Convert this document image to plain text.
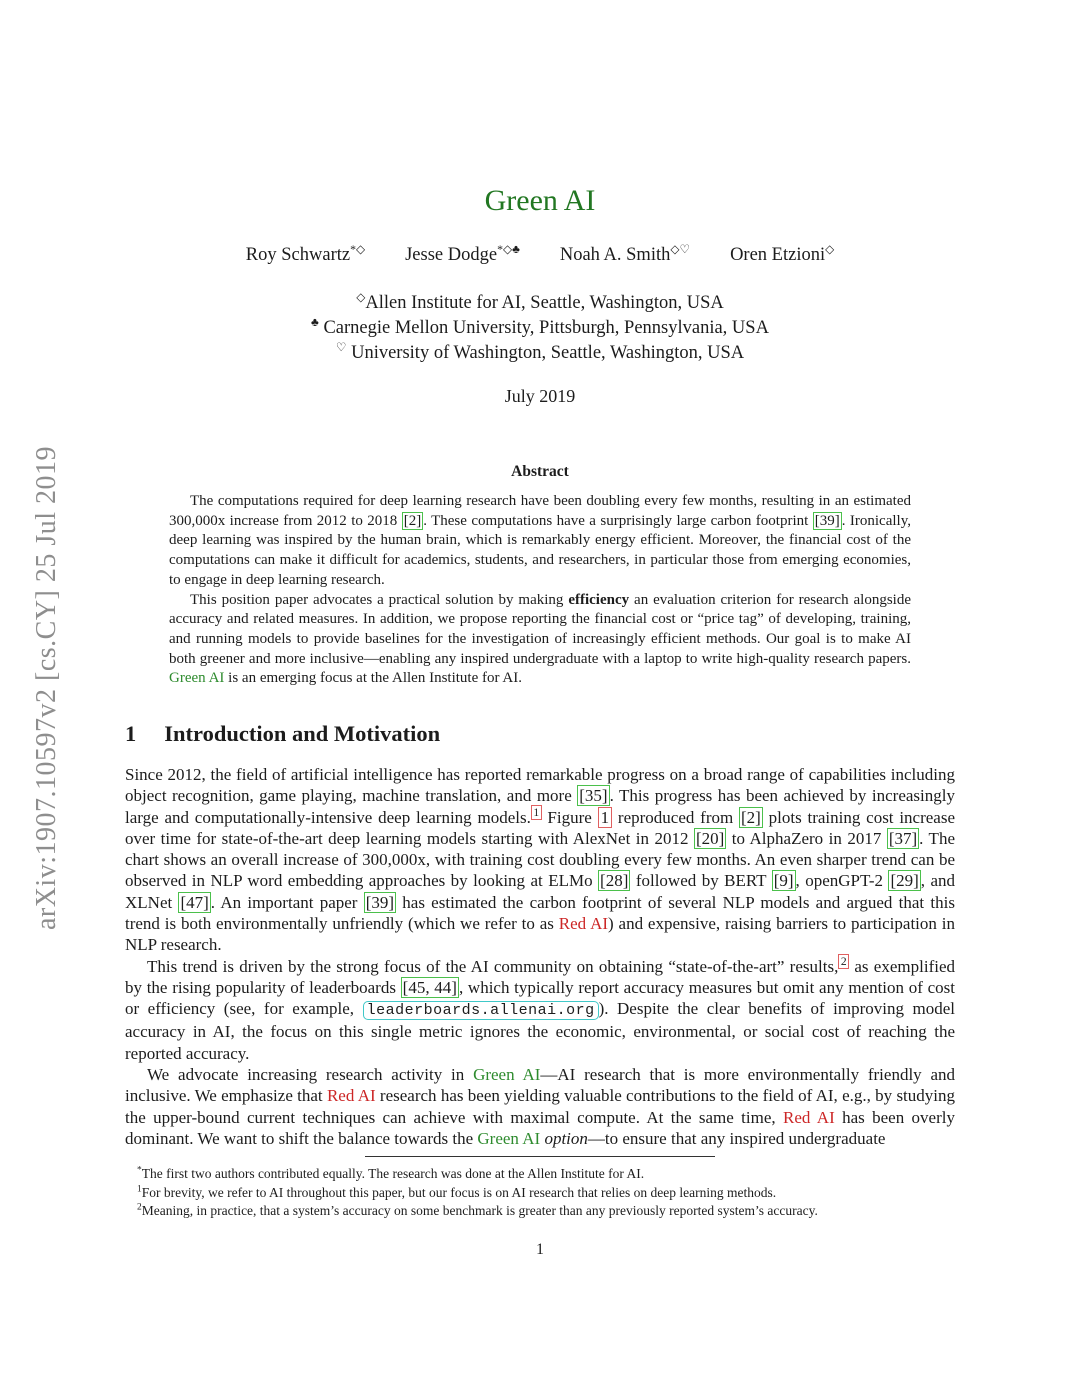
arXiv:1907.10597v2 [cs.CY] 25 Jul 2019
Green AI
Roy Schwartz*◇ Jesse Dodge*◇♣ Noah A. Smith◇♡ Oren Etzioni◇
◇Allen Institute for AI, Seattle, Washington, USA
♣ Carnegie Mellon University, Pittsburgh, Pennsylvania, USA
♡ University of Washington, Seattle, Washington, USA
July 2019
Abstract

The computations required for deep learning research have been doubling every few months, resulting in an estimated 300,000x increase from 2012 to 2018 [2] . These computations have a surprisingly large carbon footprint [39] . Ironically, deep learning was inspired by the human brain, which is remarkably energy efficient. Moreover, the financial cost of the computations can make it difficult for academics, students, and researchers, in particular those from emerging economies, to engage in deep learning research.

This position paper advocates a practical solution by making efficiency an evaluation criterion for research alongside accuracy and related measures. In addition, we propose reporting the financial cost or “price tag” of developing, training, and running models to provide baselines for the investigation of increasingly efficient methods. Our goal is to make AI both greener and more inclusive—enabling any inspired undergraduate with a laptop to write high-quality research papers. Green AI is an emerging focus at the Allen Institute for AI.

1 Introduction and Motivation

Since 2012, the field of artificial intelligence has reported remarkable progress on a broad range of capabilities including object recognition, game playing, machine translation, and more [35] . This progress has been achieved by increasingly large and computationally-intensive deep learning models. $^1$ Figure 1 reproduced from [2] plots training cost increase over time for state-of-the-art deep learning models starting with AlexNet in 2012 [20] to AlphaZero in 2017 [37] . The chart shows an overall increase of 300,000x, with training cost doubling every few months. An even sharper trend can be observed in NLP word embedding approaches by looking at ELMo [28] followed by BERT [9] , openGPT-2 [29] , and XLNet [47] . An important paper [39] has estimated the carbon footprint of several NLP models and argued that this trend is both environmentally unfriendly (which we refer to as Red AI) and expensive, raising barriers to participation in NLP research.

This trend is driven by the strong focus of the AI community on obtaining “state-of-the-art” results, $^2$ as exemplified by the rising popularity of leaderboards [45, 44] , which typically report accuracy measures but omit any mention of cost or efficiency (see, for example, leaderboards.allenai.org ). Despite the clear benefits of improving model accuracy in AI, the focus on this single metric ignores the economic, environmental, or social cost of reaching the reported accuracy.

We advocate increasing research activity in Green AI—AI research that is more environmentally friendly and inclusive. We emphasize that Red AI research has been yielding valuable contributions to the field of AI, e.g., by studying the upper-bound current techniques can achieve with maximal compute. At the same time, Red AI has been overly dominant. We want to shift the balance towards the Green AI option—to ensure that any inspired undergraduate

*The first two authors contributed equally. The research was done at the Allen Institute for AI.

$^1$For brevity, we refer to AI throughout this paper, but our focus is on AI research that relies on deep learning methods.

$^2$Meaning, in practice, that a system’s accuracy on some benchmark is greater than any previously reported system’s accuracy.

1
